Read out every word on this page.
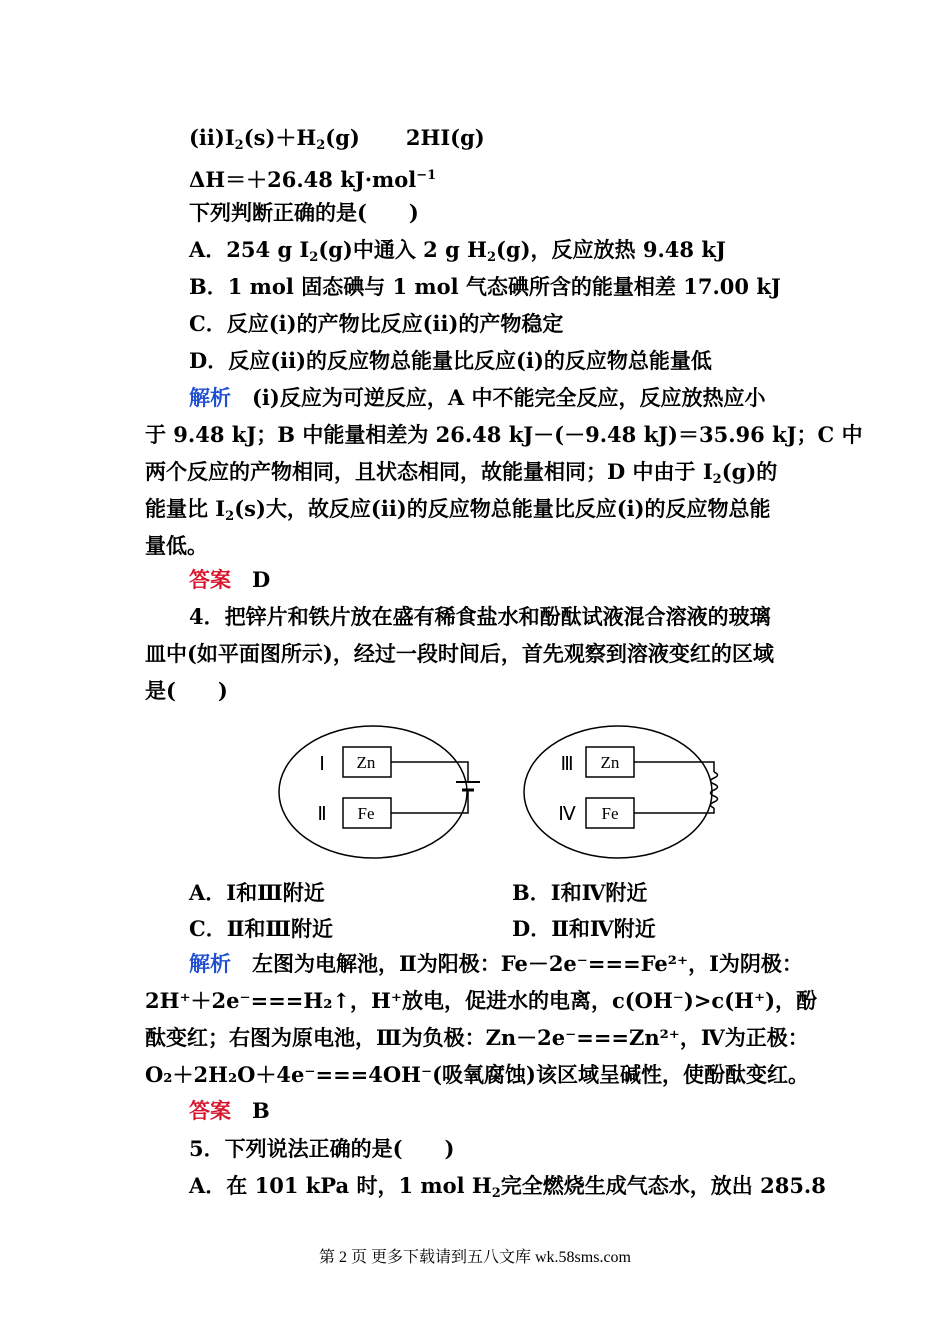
$(ⅱ)I_2(s)+H_2(g)$ 2HI(g)
ΔH＝＋26.48 kJ·mol$^{-1}$
下列判断正确的是(　　)
A．254 g $I_2(g)$中通入 2 g $H_2(g)$，反应放热 9.48 kJ
B．1 mol 固态碘与 1 mol 气态碘所含的能量相差 17.00 kJ
C．反应(ⅰ)的产物比反应(ⅱ)的产物稳定
D．反应(ⅱ)的反应物总能量比反应(ⅰ)的反应物总能量低
解析　 (ⅰ)反应为可逆反应，A 中不能完全反应，反应放热应小
于 9.48 kJ；B 中能量相差为 26.48 kJ－(－9.48 kJ)＝35.96 kJ；C 中
两个反应的产物相同，且状态相同，故能量相同；D 中由于 $I_2(g)$的
能量比 $I_2(s)$大，故反应(ⅱ)的反应物总能量比反应(ⅰ)的反应物总能
量低。
答案　 D
4．把锌片和铁片放在盛有稀食盐水和酚酞试液混合溶液的玻璃
皿中(如平面图所示)，经过一段时间后，首先观察到溶液变红的区域
是(　　)
Zn
Fe
Ⅰ
Ⅱ
Zn
Fe
Ⅲ
Ⅳ
A．Ⅰ和Ⅲ附近	B．Ⅰ和Ⅳ附近
C．Ⅱ和Ⅲ附近	D．Ⅱ和Ⅳ附近
解析　 左图为电解池，Ⅱ为阳极：Fe－2e⁻===Fe²⁺，Ⅰ为阴极：
2H⁺＋2e⁻===H₂↑，H⁺放电，促进水的电离，c(OH⁻)>c(H⁺)，酚
酞变红；右图为原电池，Ⅲ为负极：Zn－2e⁻===Zn²⁺，Ⅳ为正极：
O₂＋2H₂O＋4e⁻===4OH⁻(吸氧腐蚀)该区域呈碱性，使酚酞变红。
答案　 B
5．下列说法正确的是(　　)
A．在 101 kPa 时，1 mol $H_2$完全燃烧生成气态水，放出 285.8
第 2 页 更多下载请到五八文库 wk.58sms.com
